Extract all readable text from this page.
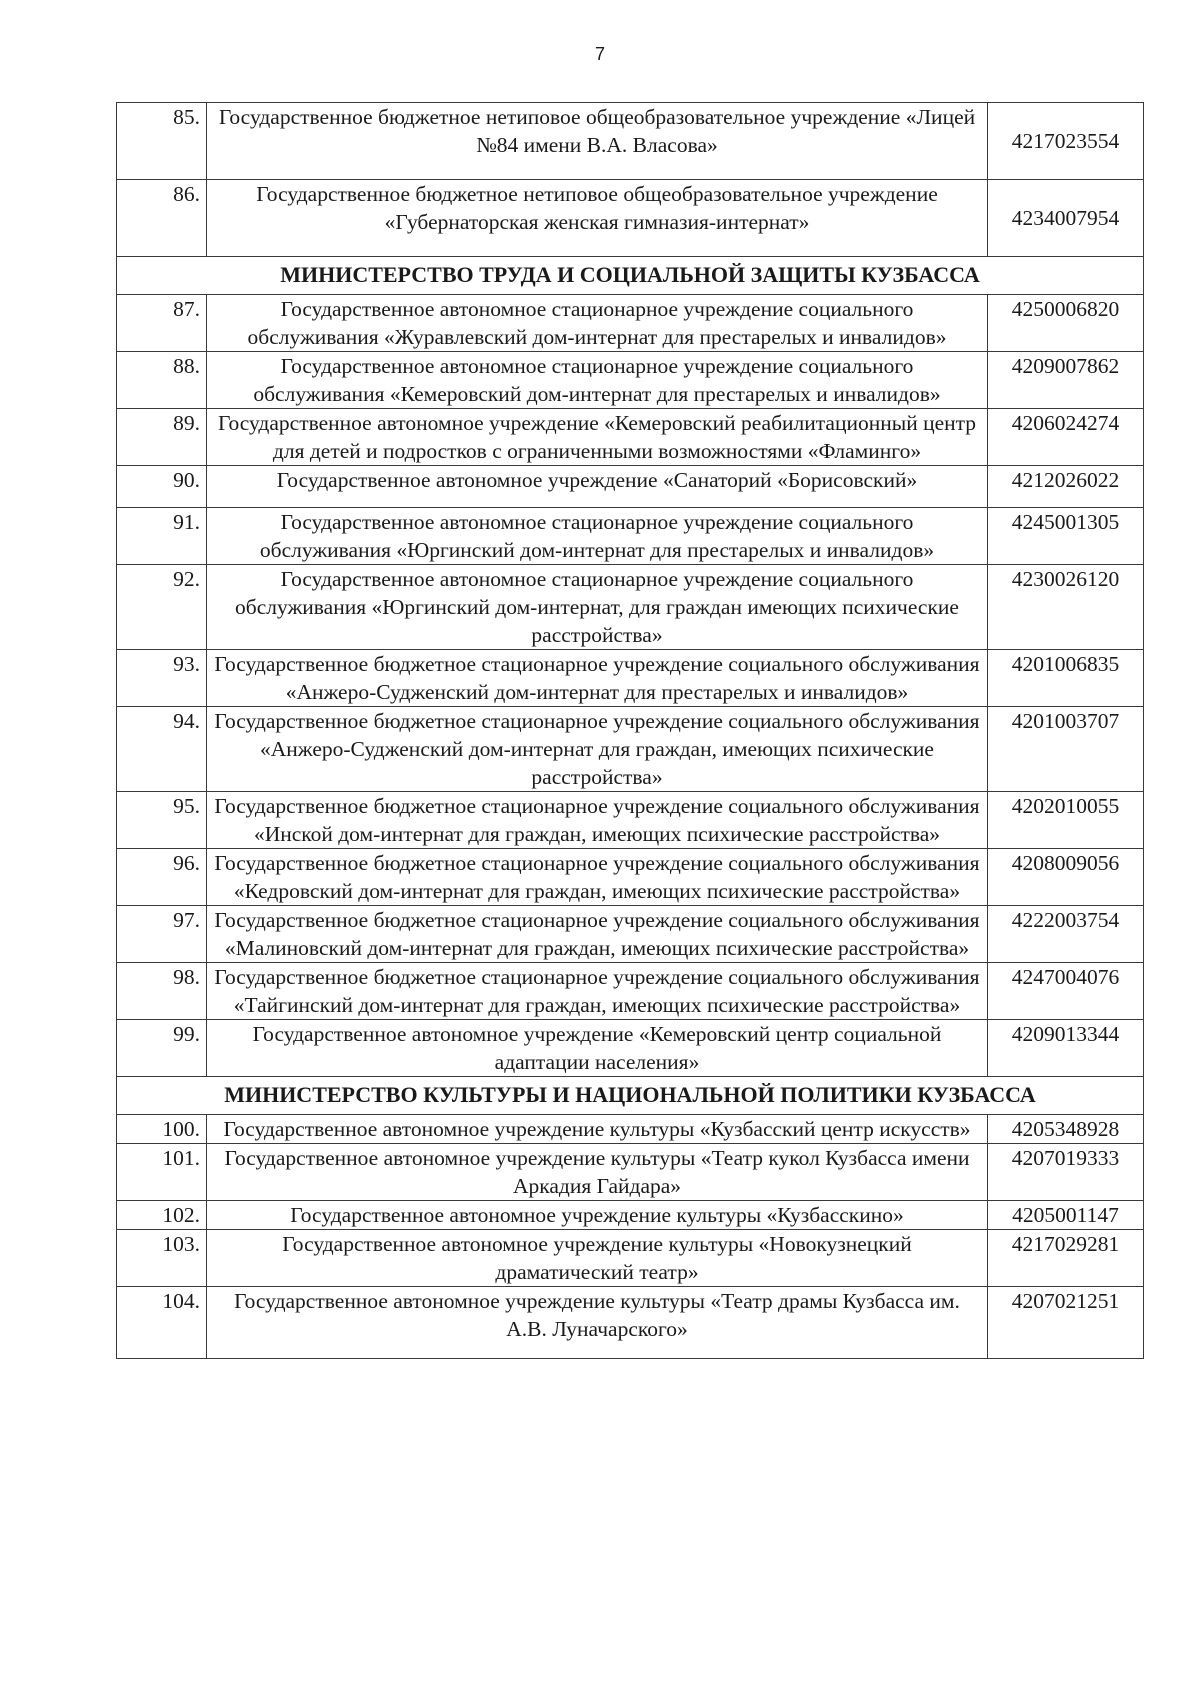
7
85.	Государственное бюджетное нетиповое общеобразовательное учреждение «Лицей №84 имени В.А. Власова»	4217023554
86.	Государственное бюджетное нетиповое общеобразовательное учреждение «Губернаторская женская гимназия-интернат»	4234007954
МИНИСТЕРСТВО ТРУДА И СОЦИАЛЬНОЙ ЗАЩИТЫ КУЗБАССА		
87.	Государственное автономное стационарное учреждение социального обслуживания «Журавлевский дом-интернат для престарелых и инвалидов»	4250006820
88.	Государственное автономное стационарное учреждение социального обслуживания «Кемеровский дом-интернат для престарелых и инвалидов»	4209007862
89.	Государственное автономное учреждение «Кемеровский реабилитационный центр для детей и подростков с ограниченными возможностями «Фламинго»	4206024274
90.	Государственное автономное учреждение «Санаторий «Борисовский»	4212026022
91.	Государственное автономное стационарное учреждение социального обслуживания «Юргинский дом-интернат для престарелых и инвалидов»	4245001305
92.	Государственное автономное стационарное учреждение социального обслуживания «Юргинский дом-интернат, для граждан имеющих психические расстройства»	4230026120
93.	Государственное бюджетное стационарное учреждение социального обслуживания «Анжеро-Судженский дом-интернат для престарелых и инвалидов»	4201006835
94.	Государственное бюджетное стационарное учреждение социального обслуживания «Анжеро-Судженский дом-интернат для граждан, имеющих психические расстройства»	4201003707
95.	Государственное бюджетное стационарное учреждение социального обслуживания «Инской дом-интернат для граждан, имеющих психические расстройства»	4202010055
96.	Государственное бюджетное стационарное учреждение социального обслуживания «Кедровский дом-интернат для граждан, имеющих психические расстройства»	4208009056
97.	Государственное бюджетное стационарное учреждение социального обслуживания «Малиновский дом-интернат для граждан, имеющих психические расстройства»	4222003754
98.	Государственное бюджетное стационарное учреждение социального обслуживания «Тайгинский дом-интернат для граждан, имеющих психические расстройства»	4247004076
99.	Государственное автономное учреждение «Кемеровский центр социальной адаптации населения»	4209013344
МИНИСТЕРСТВО КУЛЬТУРЫ И НАЦИОНАЛЬНОЙ ПОЛИТИКИ КУЗБАССА		
100.	Государственное автономное учреждение культуры «Кузбасский центр искусств»	4205348928
101.	Государственное автономное учреждение культуры «Театр кукол Кузбасса имени Аркадия Гайдара»	4207019333
102.	Государственное автономное учреждение культуры «Кузбасскино»	4205001147
103.	Государственное автономное учреждение культуры «Новокузнецкий драматический театр»	4217029281
104.	Государственное автономное учреждение культуры «Театр драмы Кузбасса им. А.В. Луначарского»	4207021251
